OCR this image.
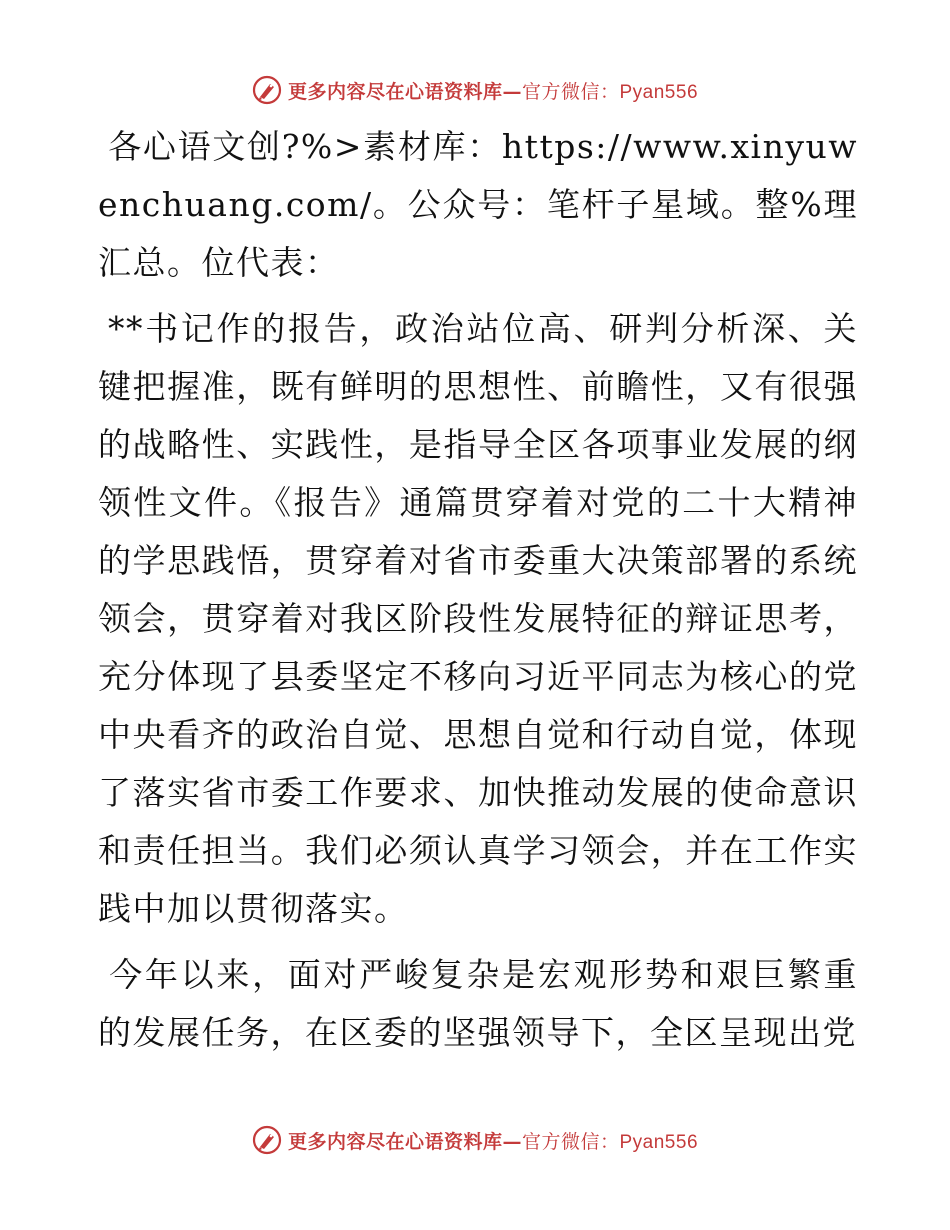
更多内容尽在心语资料库—官方微信：Pyan556

各心语文创?%>素材库：https://www.xinyuwenchuang.com/。公众号：笔杆子星域。整%理汇总。位代表：

**书记作的报告，政治站位高、研判分析深、关键把握准，既有鲜明的思想性、前瞻性，又有很强的战略性、实践性，是指导全区各项事业发展的纲领性文件。《报告》通篇贯穿着对党的二十大精神的学思践悟，贯穿着对省市委重大决策部署的系统领会，贯穿着对我区阶段性发展特征的辩证思考，充分体现了县委坚定不移向习近平同志为核心的党中央看齐的政治自觉、思想自觉和行动自觉，体现了落实省市委工作要求、加快推动发展的使命意识和责任担当。我们必须认真学习领会，并在工作实践中加以贯彻落实。

今年以来，面对严峻复杂是宏观形势和艰巨繁重的发展任务，在区委的坚强领导下，全区呈现出党

更多内容尽在心语资料库—官方微信：Pyan556
